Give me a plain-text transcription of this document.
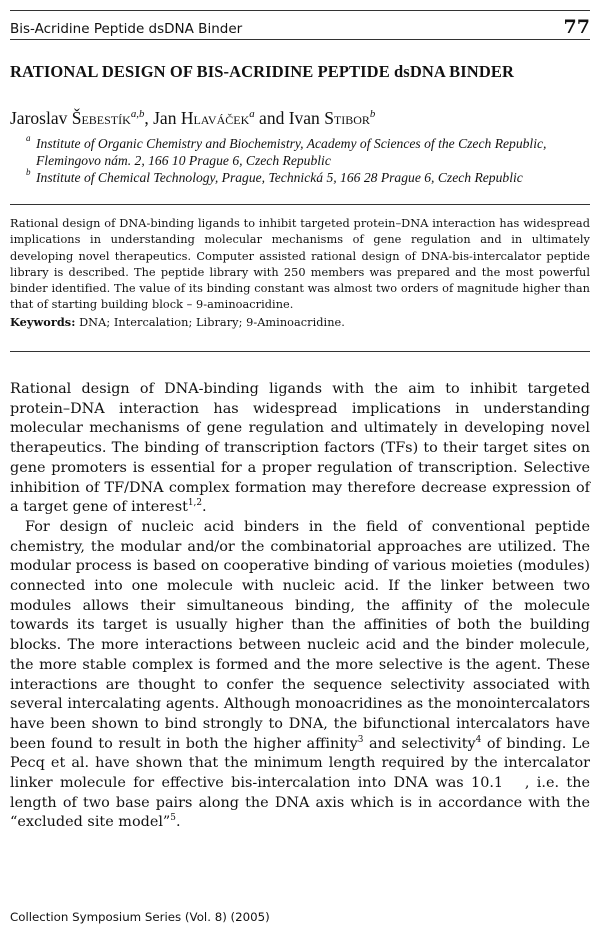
Bis-Acridine Peptide dsDNA Binder	77
RATIONAL DESIGN OF BIS-ACRIDINE PEPTIDE dsDNA BINDER
Jaroslav Šebestík$^{a,b}$, Jan Hlaváček$^a$ and Ivan Stibor$^b$
a Institute of Organic Chemistry and Biochemistry, Academy of Sciences of the Czech Republic, Flemingovo nám. 2, 166 10 Prague 6, Czech Republic
b Institute of Chemical Technology, Prague, Technická 5, 166 28 Prague 6, Czech Republic

Rational design of DNA-binding ligands to inhibit targeted protein–DNA interaction has widespread implications in understanding molecular mechanisms of gene regulation and in ultimately developing novel therapeutics. Computer assisted rational design of DNA-bis-intercalator peptide library is described. The peptide library with 250 members was prepared and the most powerful binder identified. The value of its binding constant was almost two orders of magnitude higher than that of starting building block – 9-aminoacridine.

Keywords: DNA; Intercalation; Library; 9-Aminoacridine.

Rational design of DNA-binding ligands with the aim to inhibit targeted protein–DNA interaction has widespread implications in understanding molecular mechanisms of gene regulation and ultimately in developing novel therapeutics. The binding of transcription factors (TFs) to their target sites on gene promoters is essential for a proper regulation of transcription. Selective inhibition of TF/DNA complex formation may therefore decrease expression of a target gene of interest$^{1,2}$.

For design of nucleic acid binders in the field of conventional peptide chemistry, the modular and/or the combinatorial approaches are utilized. The modular process is based on cooperative binding of various moieties (modules) connected into one molecule with nucleic acid. If the linker between two modules allows their simultaneous binding, the affinity of the molecule towards its target is usually higher than the affinities of both the building blocks. The more interactions between nucleic acid and the binder molecule, the more stable complex is formed and the more selective is the agent. These interactions are thought to confer the sequence selectivity associated with several intercalating agents. Although monoacridines as the monointercalators have been shown to bind strongly to DNA, the bifunctional intercalators have been found to result in both the higher affinity$^3$ and selectivity$^4$ of binding. Le Pecq et al. have shown that the minimum length required by the intercalator linker molecule for effective bis-intercalation into DNA was 10.1  , i.e. the length of two base pairs along the DNA axis which is in accordance with the “excluded site model”$^5$.

Collection Symposium Series (Vol. 8) (2005)
